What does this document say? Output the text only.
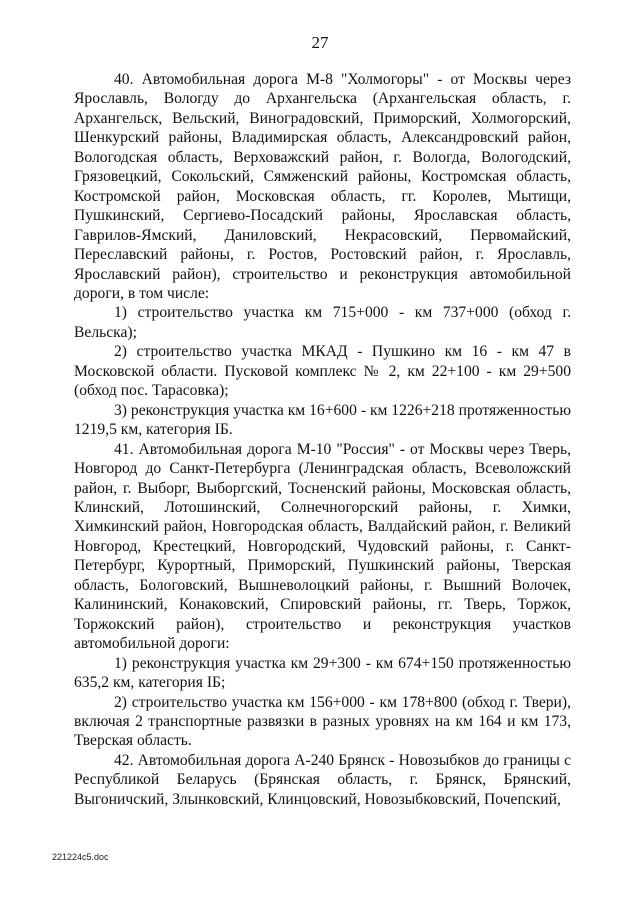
27

40. Автомобильная дорога М-8 "Холмогоры" - от Москвы через Ярославль, Вологду до Архангельска (Архангельская область, г. Архангельск, Вельский, Виноградовский, Приморский, Холмогорский, Шенкурский районы, Владимирская область, Александровский район, Вологодская область, Верховажский район, г. Вологда, Вологодский, Грязовецкий, Сокольский, Сямженский районы, Костромская область, Костромской район, Московская область, гг. Королев, Мытищи, Пушкинский, Сергиево-Посадский районы, Ярославская область, Гаврилов-Ямский, Даниловский, Некрасовский, Первомайский, Переславский районы, г. Ростов, Ростовский район, г. Ярославль, Ярославский район), строительство и реконструкция автомобильной дороги, в том числе:

1) строительство участка км 715+000 - км 737+000 (обход г. Вельска);

2) строительство участка МКАД - Пушкино км 16 - км 47 в Московской области. Пусковой комплекс № 2, км 22+100 - км 29+500 (обход пос. Тарасовка);

3) реконструкция участка км 16+600 - км 1226+218 протяженностью 1219,5 км, категория IБ.

41. Автомобильная дорога М-10 "Россия" - от Москвы через Тверь, Новгород до Санкт-Петербурга (Ленинградская область, Всеволожский район, г. Выборг, Выборгский, Тосненский районы, Московская область, Клинский, Лотошинский, Солнечногорский районы, г. Химки, Химкинский район, Новгородская область, Валдайский район, г. Великий Новгород, Крестецкий, Новгородский, Чудовский районы, г. Санкт-Петербург, Курортный, Приморский, Пушкинский районы, Тверская область, Бологовский, Вышневолоцкий районы, г. Вышний Волочек, Калининский, Конаковский, Спировский районы, гг. Тверь, Торжок, Торжокский район), строительство и реконструкция участков автомобильной дороги:

1) реконструкция участка км 29+300 - км 674+150 протяженностью 635,2 км, категория IБ;

2) строительство участка км 156+000 - км 178+800 (обход г. Твери), включая 2 транспортные развязки в разных уровнях на км 164 и км 173, Тверская область.

42. Автомобильная дорога А-240 Брянск - Новозыбков до границы с Республикой Беларусь (Брянская область, г. Брянск, Брянский, Выгоничский, Злынковский, Клинцовский, Новозыбковский, Почепский,

221224c5.doc
